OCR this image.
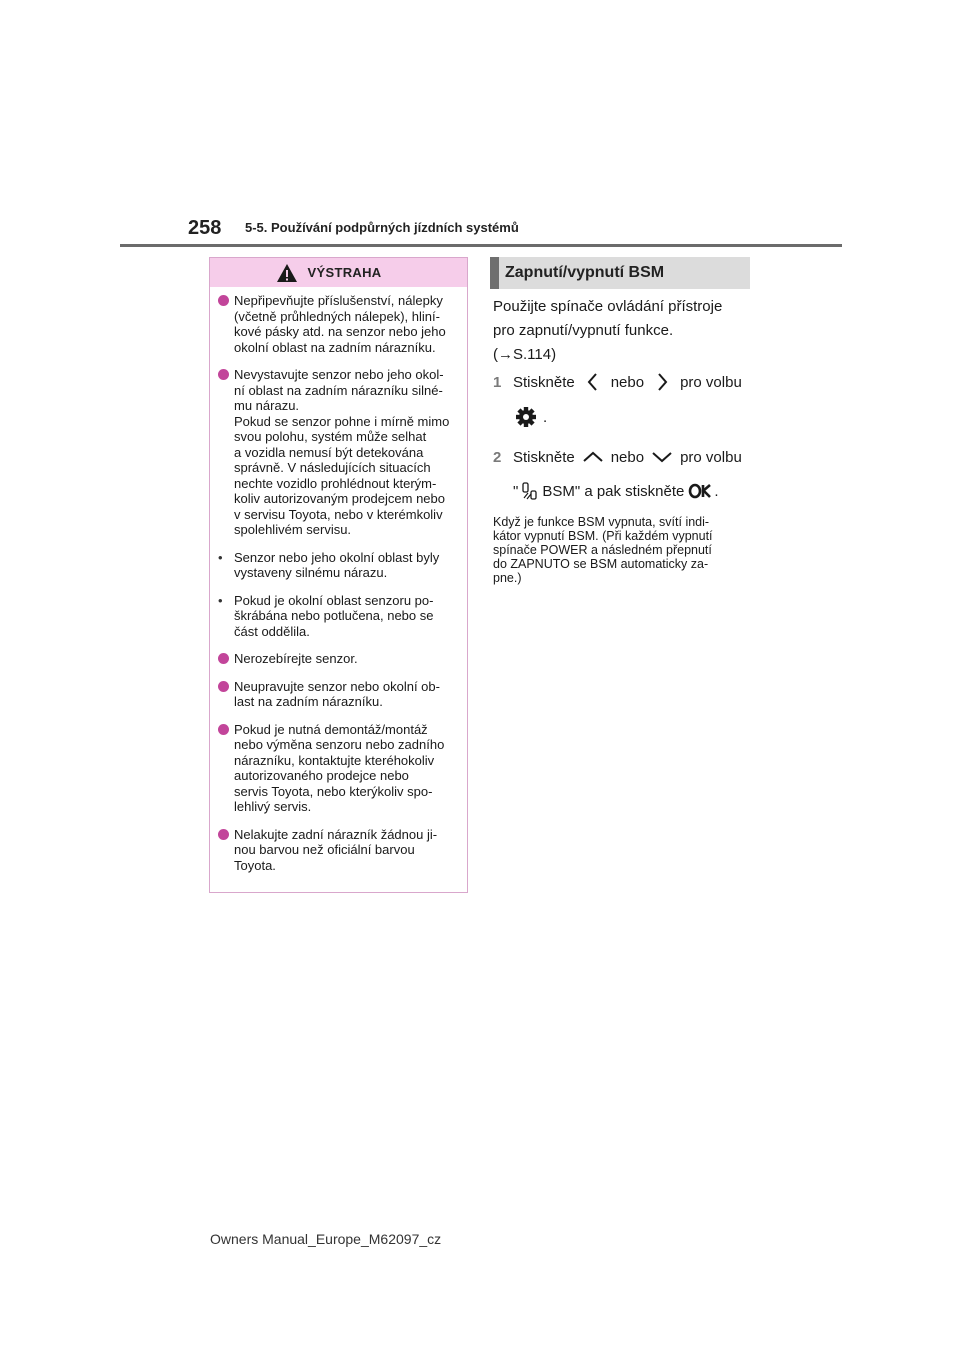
258 5-5. Používání podpůrných jízdních systémů
VÝSTRAHA
Nepřipevňujte příslušenství, nálepky
(včetně průhledných nálepek), hliní-
kové pásky atd. na senzor nebo jeho
okolní oblast na zadním nárazníku.
Nevystavujte senzor nebo jeho okol-
ní oblast na zadním nárazníku silné-
mu nárazu.
Pokud se senzor pohne i mírně mimo
svou polohu, systém může selhat
a vozidla nemusí být detekována
správně. V následujících situacích
nechte vozidlo prohlédnout kterým-
koliv autorizovaným prodejcem nebo
v servisu Toyota, nebo v kterémkoliv
spolehlivém servisu.
• Senzor nebo jeho okolní oblast byly
vystaveny silnému nárazu.
• Pokud je okolní oblast senzoru po-
škrábána nebo potlučena, nebo se
část oddělila.
Nerozebírejte senzor.
Neupravujte senzor nebo okolní ob-
last na zadním nárazníku.
Pokud je nutná demontáž/montáž
nebo výměna senzoru nebo zadního
nárazníku, kontaktujte kteréhokoliv
autorizovaného prodejce nebo
servis Toyota, nebo kterýkoliv spo-
lehlivý servis.
Nelakujte zadní nárazník žádnou ji-
nou barvou než oficiální barvou
Toyota.
Zapnutí/vypnutí BSM
Použijte spínače ovládání přístroje
pro zapnutí/vypnutí funkce.
(→S.114)
1 Stiskněte nebo pro volbu
.
2 Stiskněte nebo pro volbu
" BSM" a pak stiskněte .
Když je funkce BSM vypnuta, svítí indi-
kátor vypnutí BSM. (Při každém vypnutí
spínače POWER a následném přepnutí
do ZAPNUTO se BSM automaticky za-
pne.)
Owners Manual_Europe_M62097_cz
